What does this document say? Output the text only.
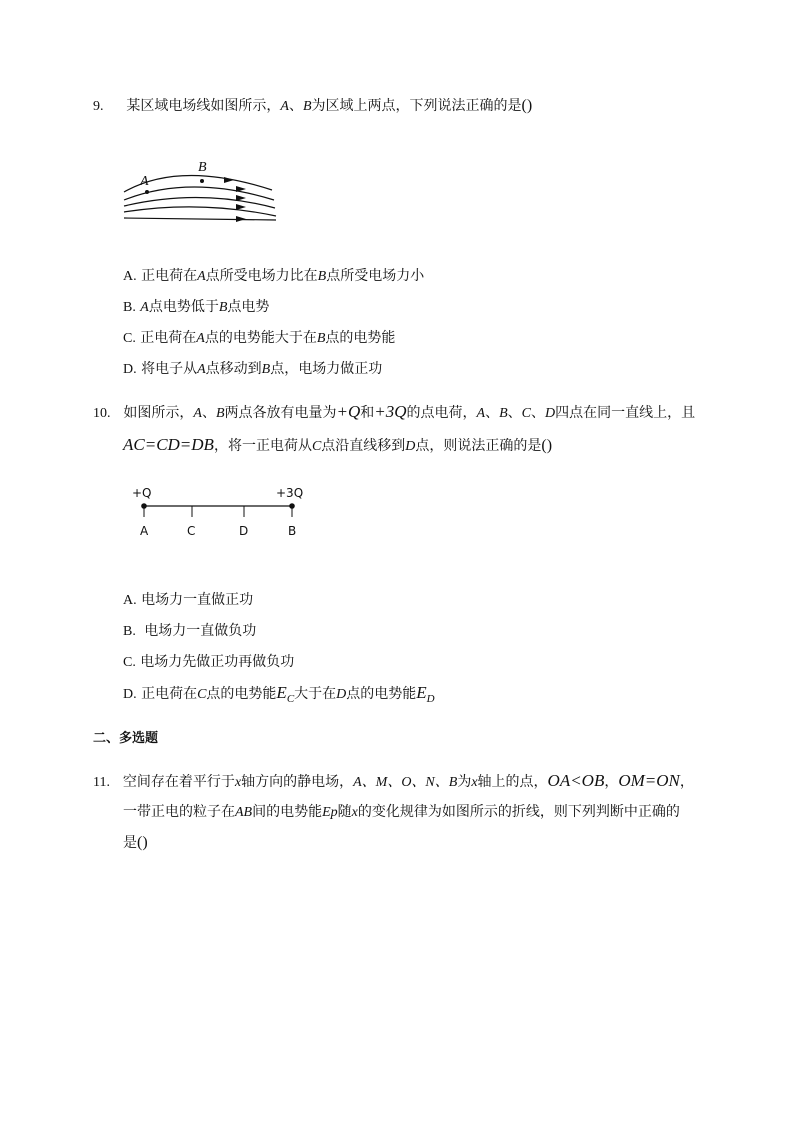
9. 某区域电场线如图所示，A、B为区域上两点，下列说法正确的是()
A
B
A. 正电荷在A点所受电场力比在B点所受电场力小
B. A点电势低于B点电势
C. 正电荷在A点的电势能大于在B点的电势能
D. 将电子从A点移动到B点，电场力做正功
10. 如图所示，A、B两点各放有电量为+Q和+3Q的点电荷，A、B、C、D四点在同一直线上，且
AC=CD=DB，将一正电荷从C点沿直线移到D点，则说法正确的是()
+Q	+3Q
A	C	D	B
A. 电场力一直做正功
B. 电场力一直做负功
C. 电场力先做正功再做负功
D. 正电荷在C点的电势能$E_C$大于在D点的电势能$E_D$
二、多选题
11. 空间存在着平行于x轴方向的静电场，A、M、O、N、B为x轴上的点，OA<OB，OM=ON，
一带正电的粒子在AB间的电势能Ep随x的变化规律为如图所示的折线，则下列判断中正确的
是()
